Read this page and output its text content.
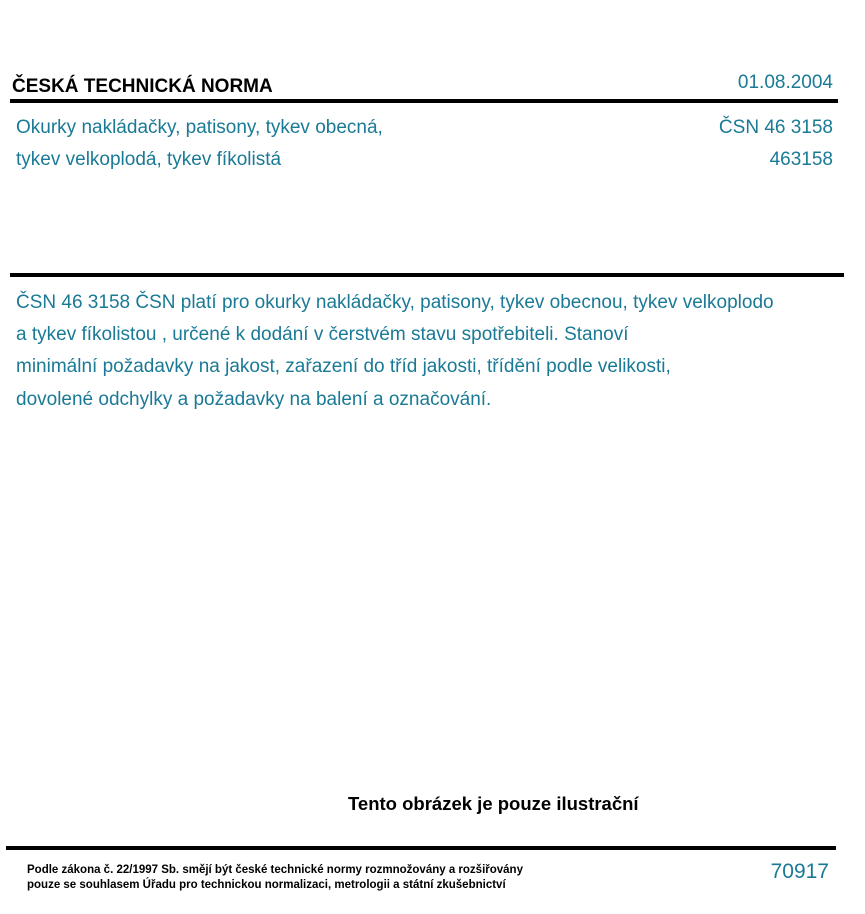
ČESKÁ TECHNICKÁ NORMA	01.08.2004
Okurky nakládačky, patisony, tykev obecná,
tykev velkoplodá, tykev fíkolistá
ČSN 46 3158
463158
ČSN 46 3158 ČSN platí pro okurky nakládačky, patisony, tykev obecnou, tykev velkoplodo
a tykev fíkolistou , určené k dodání v čerstvém stavu spotřebiteli. Stanoví
minimální požadavky na jakost, zařazení do tříd jakosti, třídění podle velikosti,
dovolené odchylky a požadavky na balení a označování.
Tento obrázek je pouze ilustrační
Podle zákona č. 22/1997 Sb. smějí být české technické normy rozmnožovány a rozšiřovány
pouze se souhlasem Úřadu pro technickou normalizaci, metrologii a státní zkušebnictví
70917
